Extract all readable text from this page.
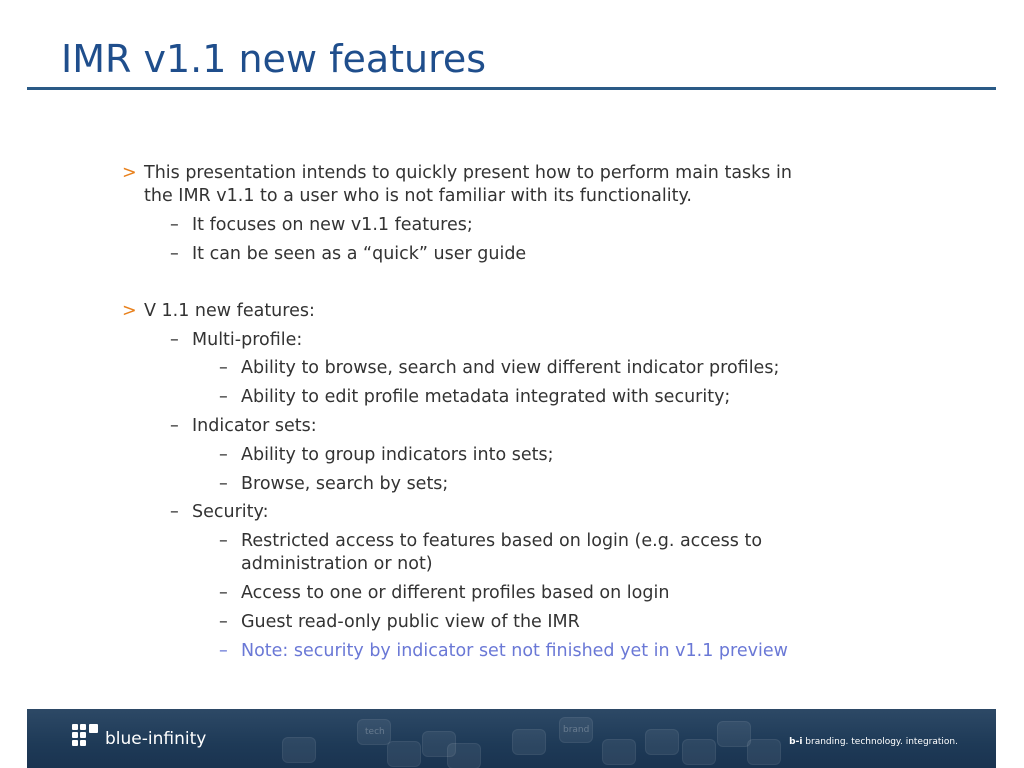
IMR v1.1 new features
> This presentation intends to quickly present how to perform main tasks in
the IMR v1.1 to a user who is not familiar with its functionality.
– It focuses on new v1.1 features;
– It can be seen as a “quick” user guide
> V 1.1 new features:
– Multi-profile:
– Ability to browse, search and view different indicator profiles;
– Ability to edit profile metadata integrated with security;
– Indicator sets:
– Ability to group indicators into sets;
– Browse, search by sets;
– Security:
– Restricted access to features based on login (e.g. access to
administration or not)
– Access to one or different profiles based on login
– Guest read-only public view of the IMR
– Note: security by indicator set not finished yet in v1.1 preview
tech	brand
blue-infinity	b-i branding. technology. integration.
